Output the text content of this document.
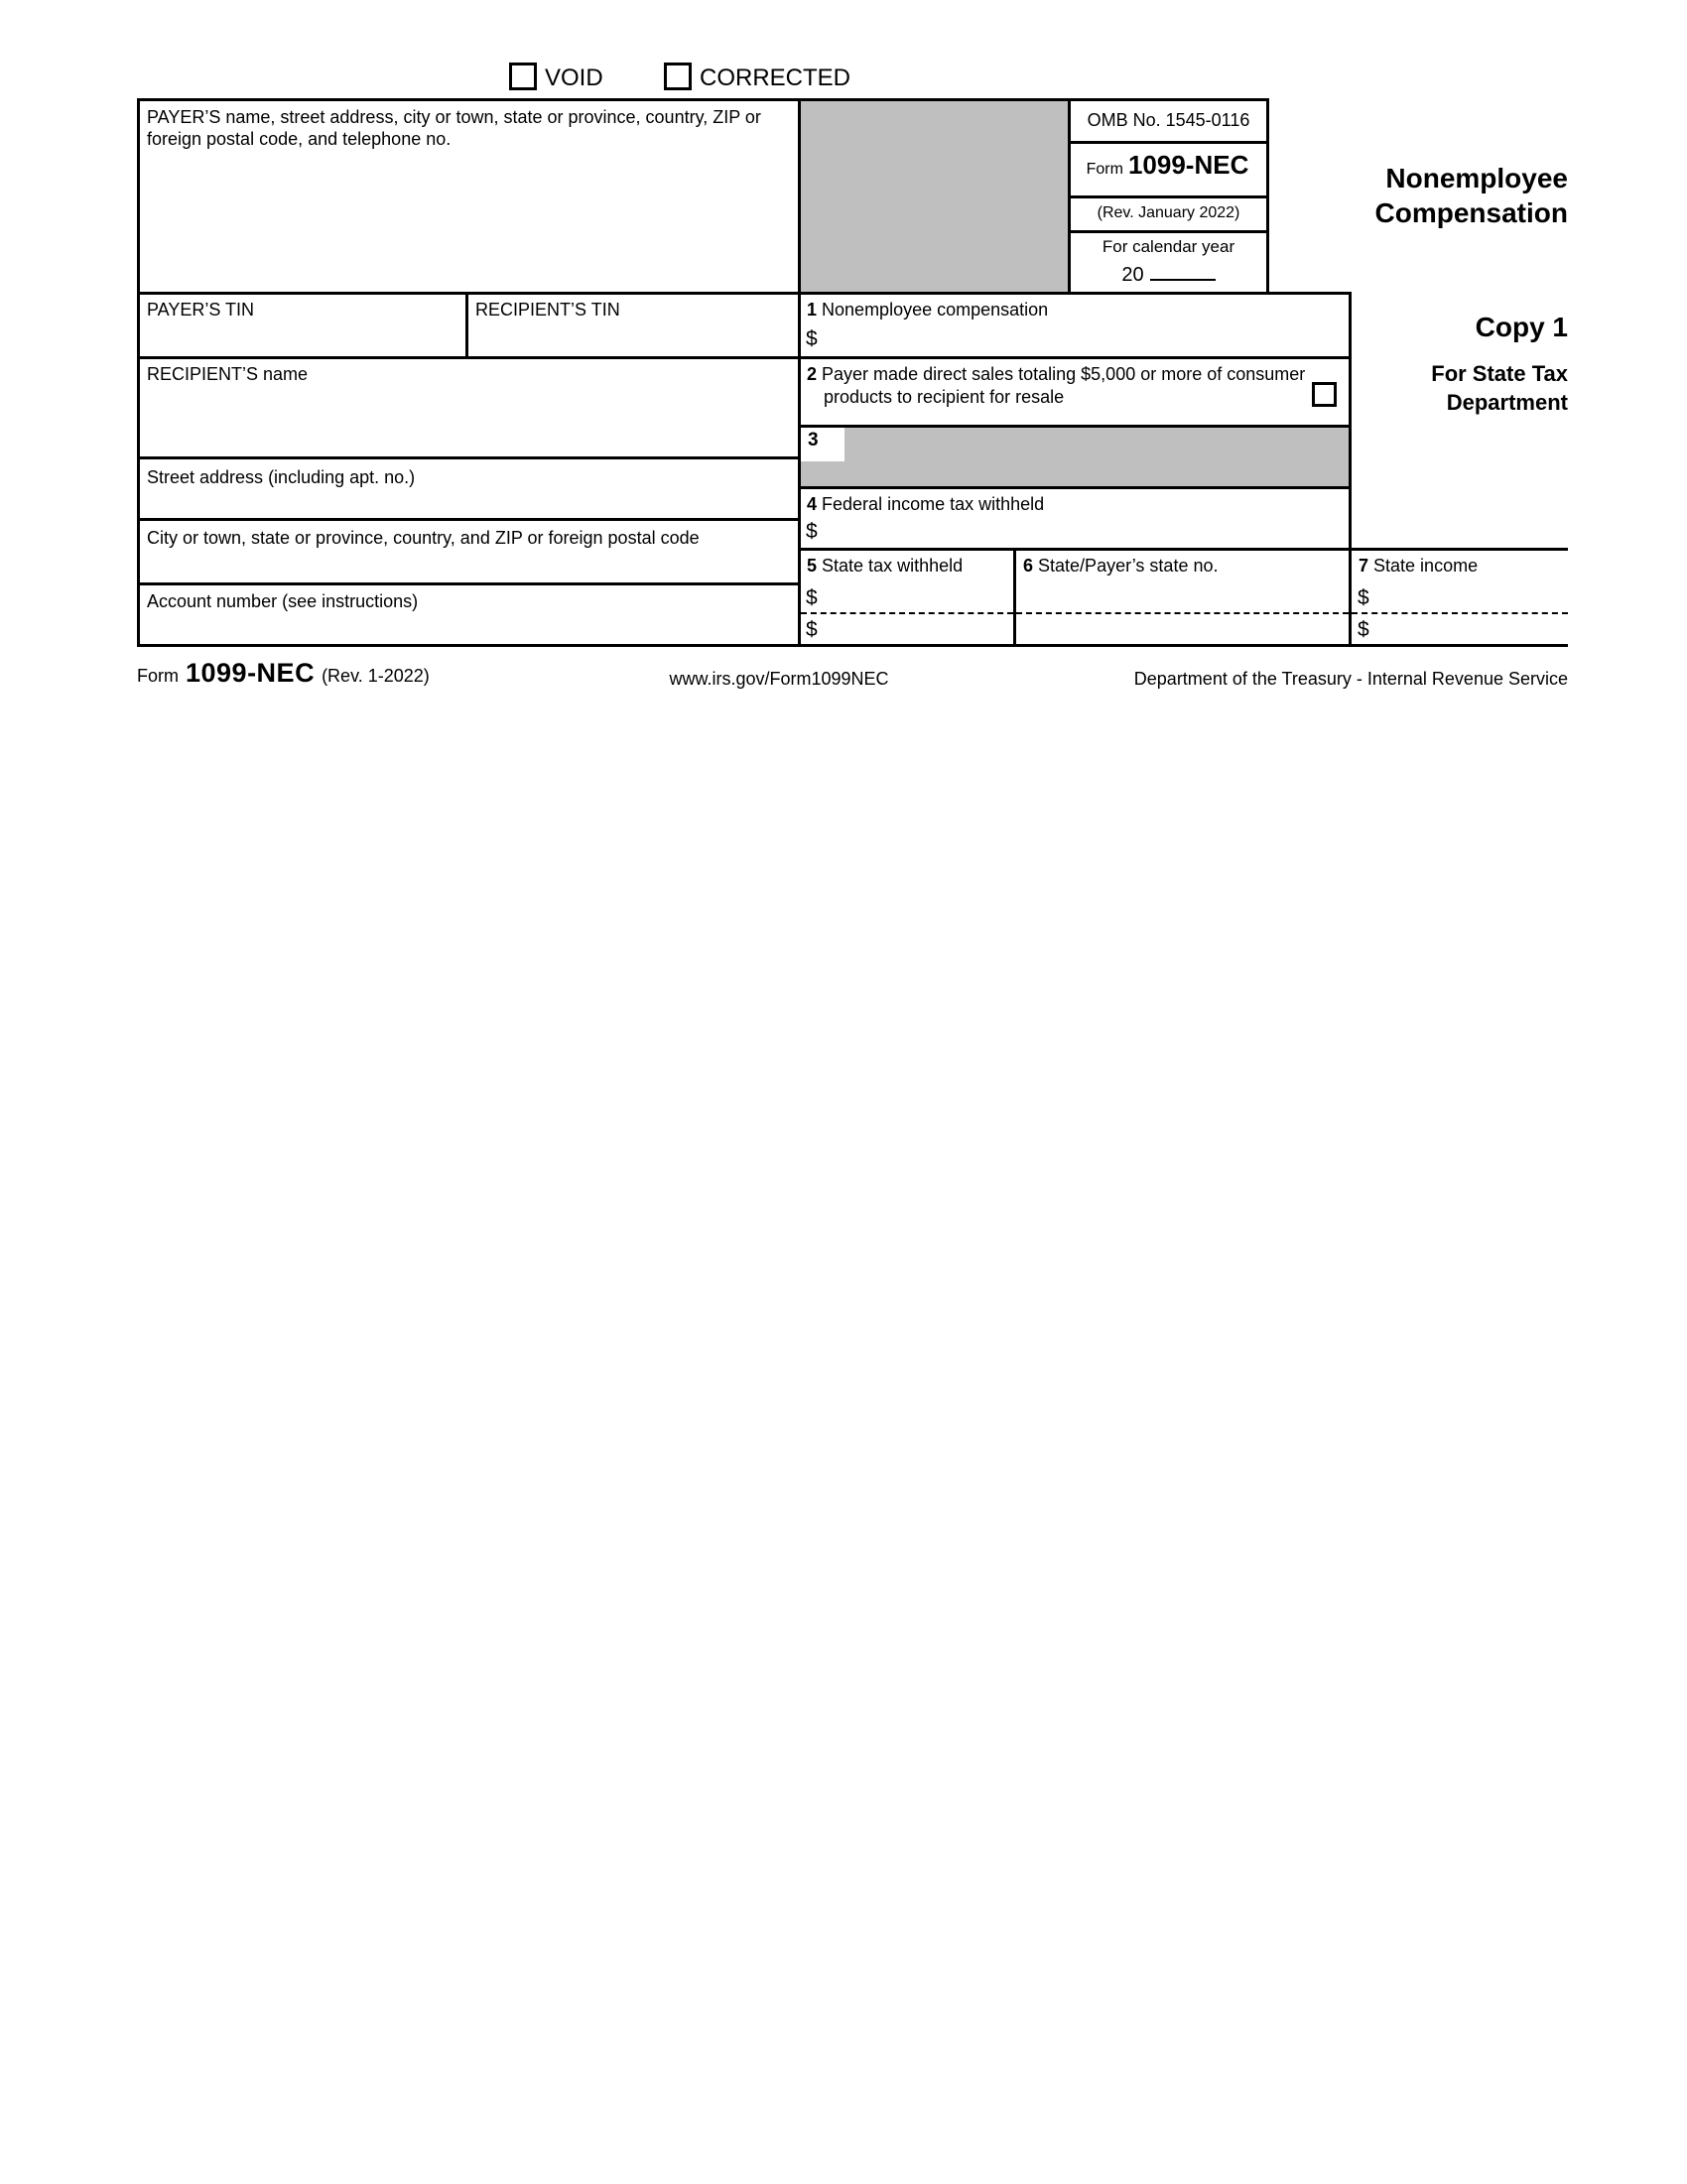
VOID	CORRECTED
3
OMB No. 1545-0116
Form 1099-NEC
(Rev. January 2022)
For calendar year
20
Nonemployee Compensation
Copy 1
For State Tax Department
PAYER’S name, street address, city or town, state or province, country, ZIP or foreign postal code, and telephone no.
PAYER’S TIN	RECIPIENT’S TIN
RECIPIENT’S name
Street address (including apt. no.)
City or town, state or province, country, and ZIP or foreign postal code
Account number (see instructions)
1 Nonemployee compensation
$
2 Payer made direct sales totaling $5,000 or more of consumer products to recipient for resale
4 Federal income tax withheld
$
5 State tax withheld
$
$
6 State/Payer’s state no.	7 State income
$
$
Form 1099-NEC (Rev. 1-2022)	www.irs.gov/Form1099NEC	Department of the Treasury - Internal Revenue Service
